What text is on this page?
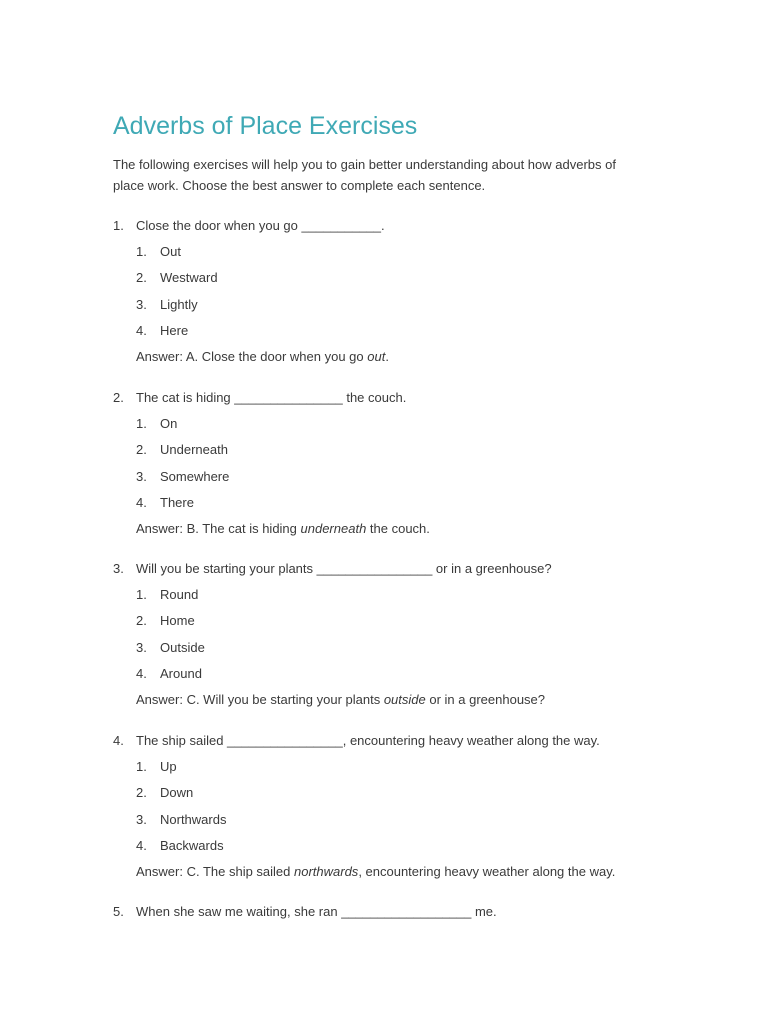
Adverbs of Place Exercises

The following exercises will help you to gain better understanding about how adverbs of place work. Choose the best answer to complete each sentence.

1. Close the door when you go ___________.
1. Out
2. Westward
3. Lightly
4. Here
Answer: A. Close the door when you go out.
2. The cat is hiding _______________ the couch.
1. On
2. Underneath
3. Somewhere
4. There
Answer: B. The cat is hiding underneath the couch.
3. Will you be starting your plants ________________ or in a greenhouse?
1. Round
2. Home
3. Outside
4. Around
Answer: C. Will you be starting your plants outside or in a greenhouse?
4. The ship sailed ________________, encountering heavy weather along the way.
1. Up
2. Down
3. Northwards
4. Backwards
Answer: C. The ship sailed northwards, encountering heavy weather along the way.
5. When she saw me waiting, she ran __________________ me.
